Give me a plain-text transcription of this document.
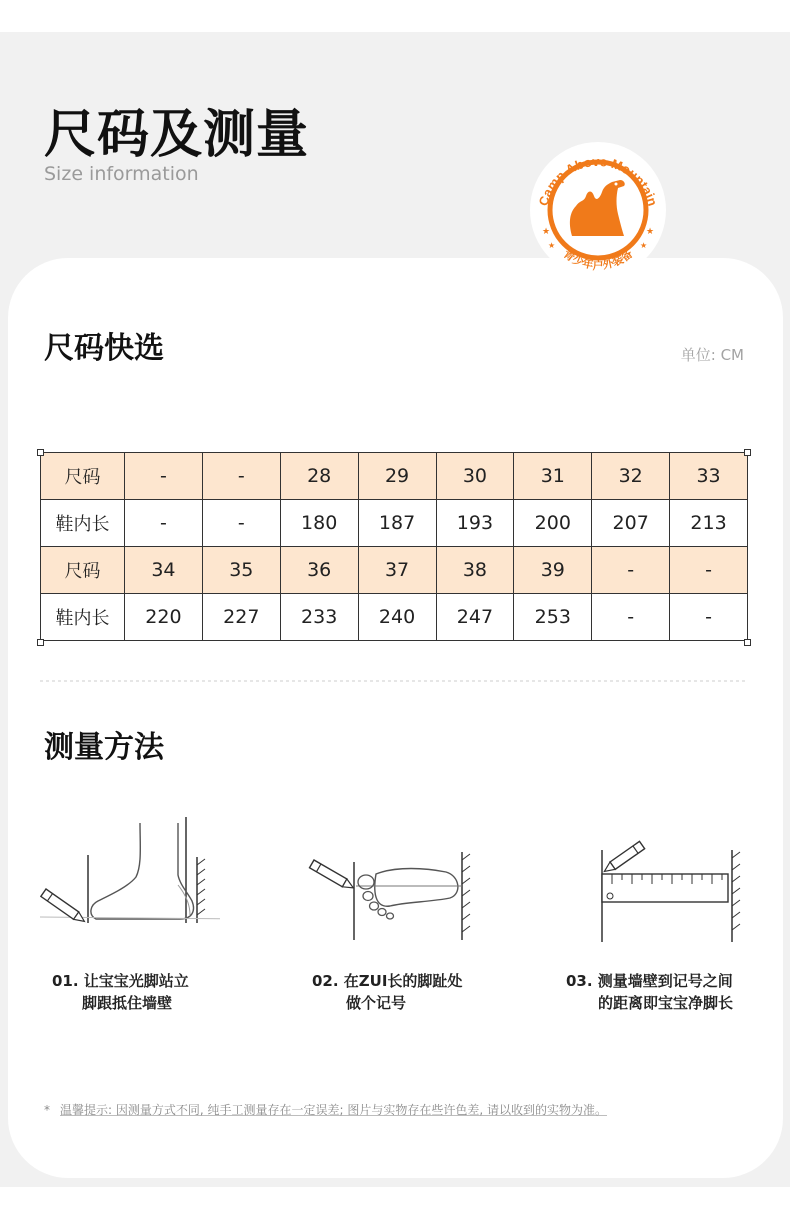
尺码及测量
Size information
Camp Above Mountain
青少年户外装备
★	★
★	★
尺码快选	单位: CM
尺码	-	-	28	29	30	31	32	33
鞋内长	-	-	180	187	193	200	207	213
尺码	34	35	36	37	38	39	-	-
鞋内长	220	227	233	240	247	253	-	-
测量方法
01. 让宝宝光脚站立
脚跟抵住墙壁
02. 在ZUI长的脚趾处
做个记号
03. 测量墙壁到记号之间
的距离即宝宝净脚长
* 温馨提示: 因测量方式不同, 纯手工测量存在一定误差; 图片与实物存在些许色差, 请以收到的实物为准。
